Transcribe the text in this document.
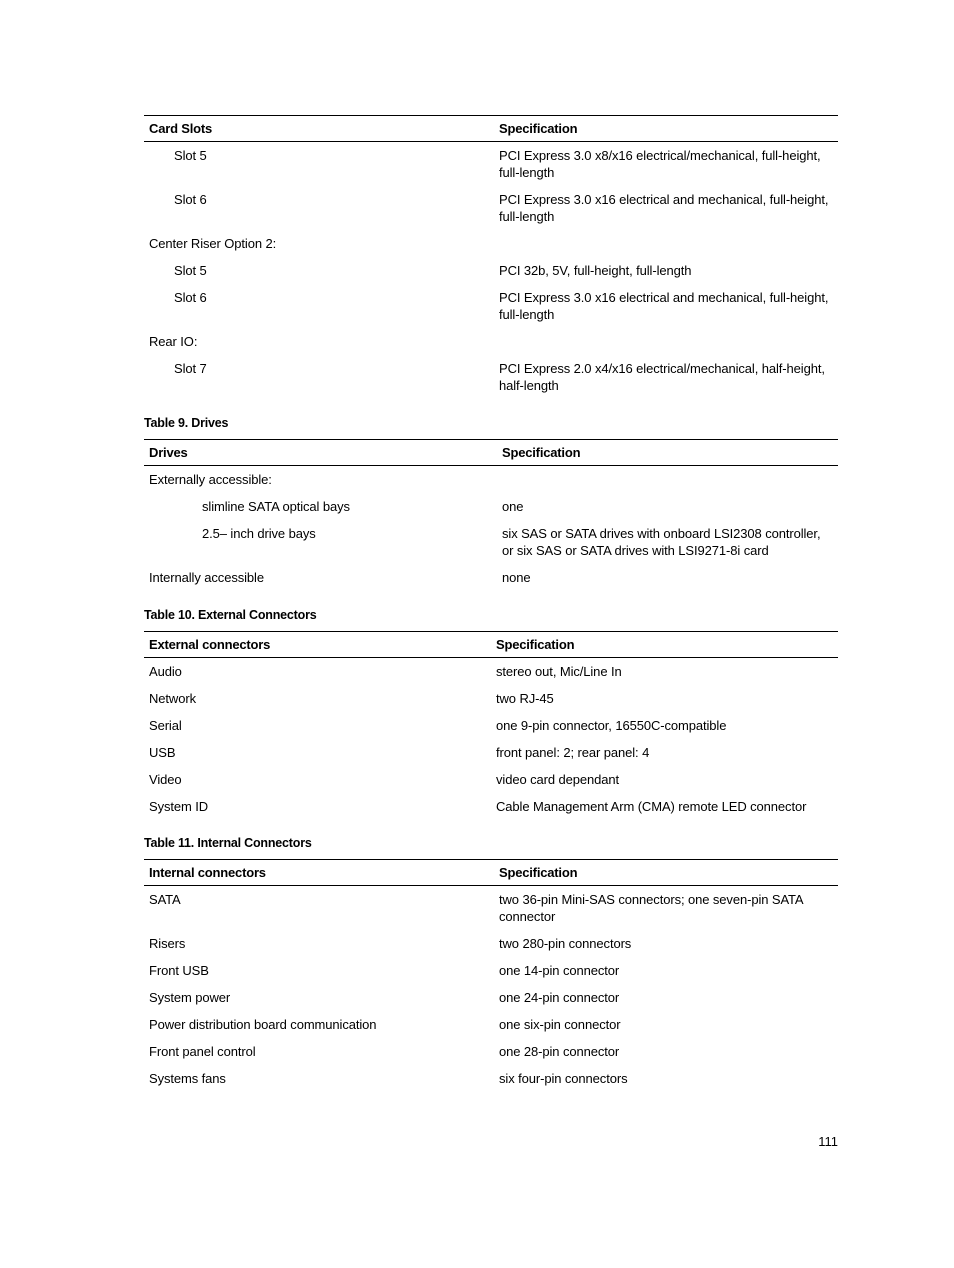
Card Slots	Specification
Slot 5	PCI Express 3.0 x8/x16 electrical/mechanical, full-height, full-length
Slot 6	PCI Express 3.0 x16 electrical and mechanical, full-height, full-length
Center Riser Option 2:	
Slot 5	PCI 32b, 5V, full-height, full-length
Slot 6	PCI Express 3.0 x16 electrical and mechanical, full-height, full-length
Rear IO:	
Slot 7	PCI Express 2.0 x4/x16 electrical/mechanical, half-height, half-length
Table 9. Drives
Drives	Specification
Externally accessible:	
slimline SATA optical bays	one
2.5– inch drive bays	six SAS or SATA drives with onboard LSI2308 controller, or six SAS or SATA drives with LSI9271-8i card
Internally accessible	none
Table 10. External Connectors
External connectors	Specification
Audio	stereo out, Mic/Line In
Network	two RJ-45
Serial	one 9-pin connector, 16550C-compatible
USB	front panel: 2; rear panel: 4
Video	video card dependant
System ID	Cable Management Arm (CMA) remote LED connector
Table 11. Internal Connectors
Internal connectors	Specification
SATA	two 36-pin Mini-SAS connectors; one seven-pin SATA connector
Risers	two 280-pin connectors
Front USB	one 14-pin connector
System power	one 24-pin connector
Power distribution board communication	one six-pin connector
Front panel control	one 28-pin connector
Systems fans	six four-pin connectors
111
